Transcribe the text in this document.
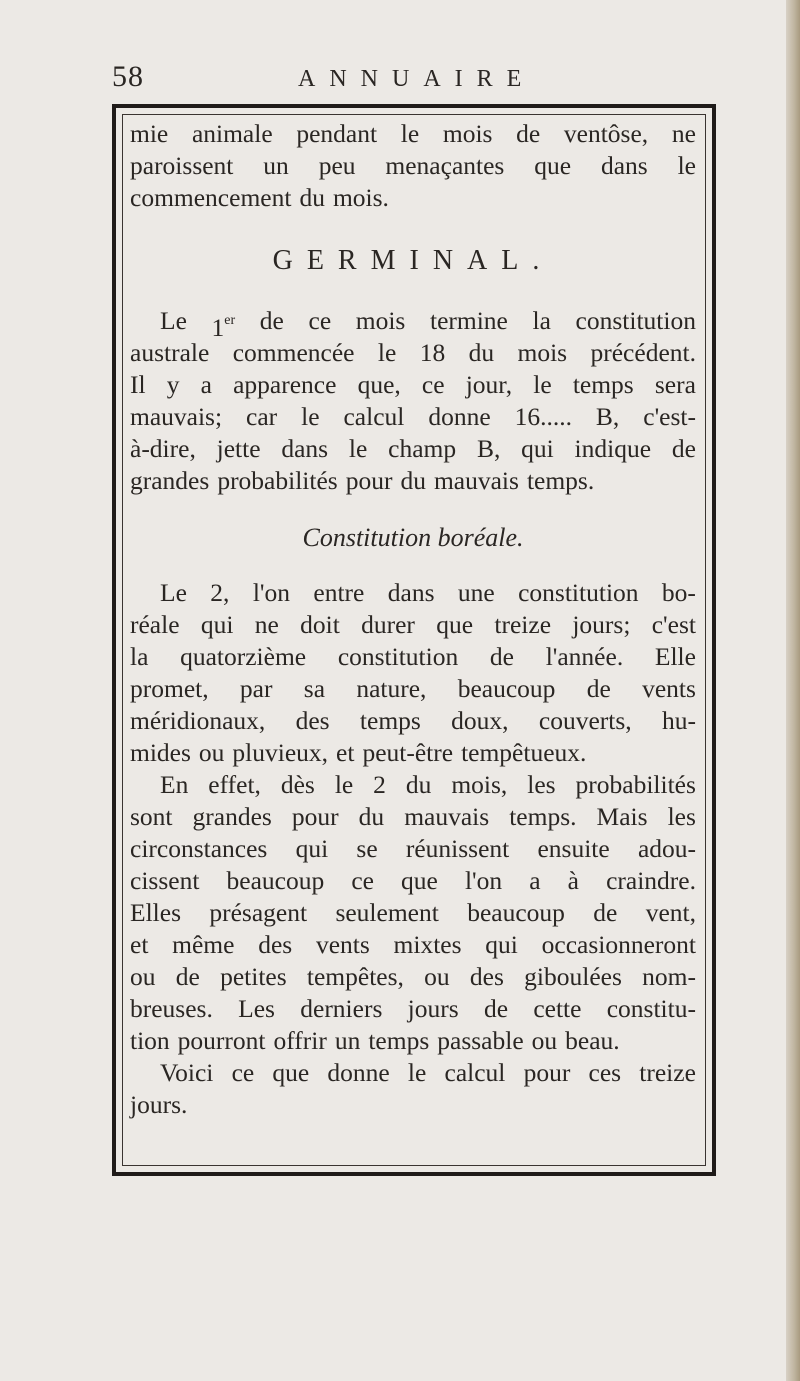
58	ANNUAIRE
mie animale pendant le mois de ventôse, ne
paroissent un peu menaçantes que dans le
commencement du mois.
GERMINAL.
Le 1er de ce mois termine la constitution
australe commencée le 18 du mois précédent.
Il y a apparence que, ce jour, le temps sera
mauvais; car le calcul donne 16..... B, c'est-
à-dire, jette dans le champ B, qui indique de
grandes probabilités pour du mauvais temps.
Constitution boréale.
Le 2, l'on entre dans une constitution bo-
réale qui ne doit durer que treize jours; c'est
la quatorzième constitution de l'année. Elle
promet, par sa nature, beaucoup de vents
méridionaux, des temps doux, couverts, hu-
mides ou pluvieux, et peut-être tempêtueux.
En effet, dès le 2 du mois, les probabilités
sont grandes pour du mauvais temps. Mais les
circonstances qui se réunissent ensuite adou-
cissent beaucoup ce que l'on a à craindre.
Elles présagent seulement beaucoup de vent,
et même des vents mixtes qui occasionneront
ou de petites tempêtes, ou des giboulées nom-
breuses. Les derniers jours de cette constitu-
tion pourront offrir un temps passable ou beau.
Voici ce que donne le calcul pour ces treize
jours.
